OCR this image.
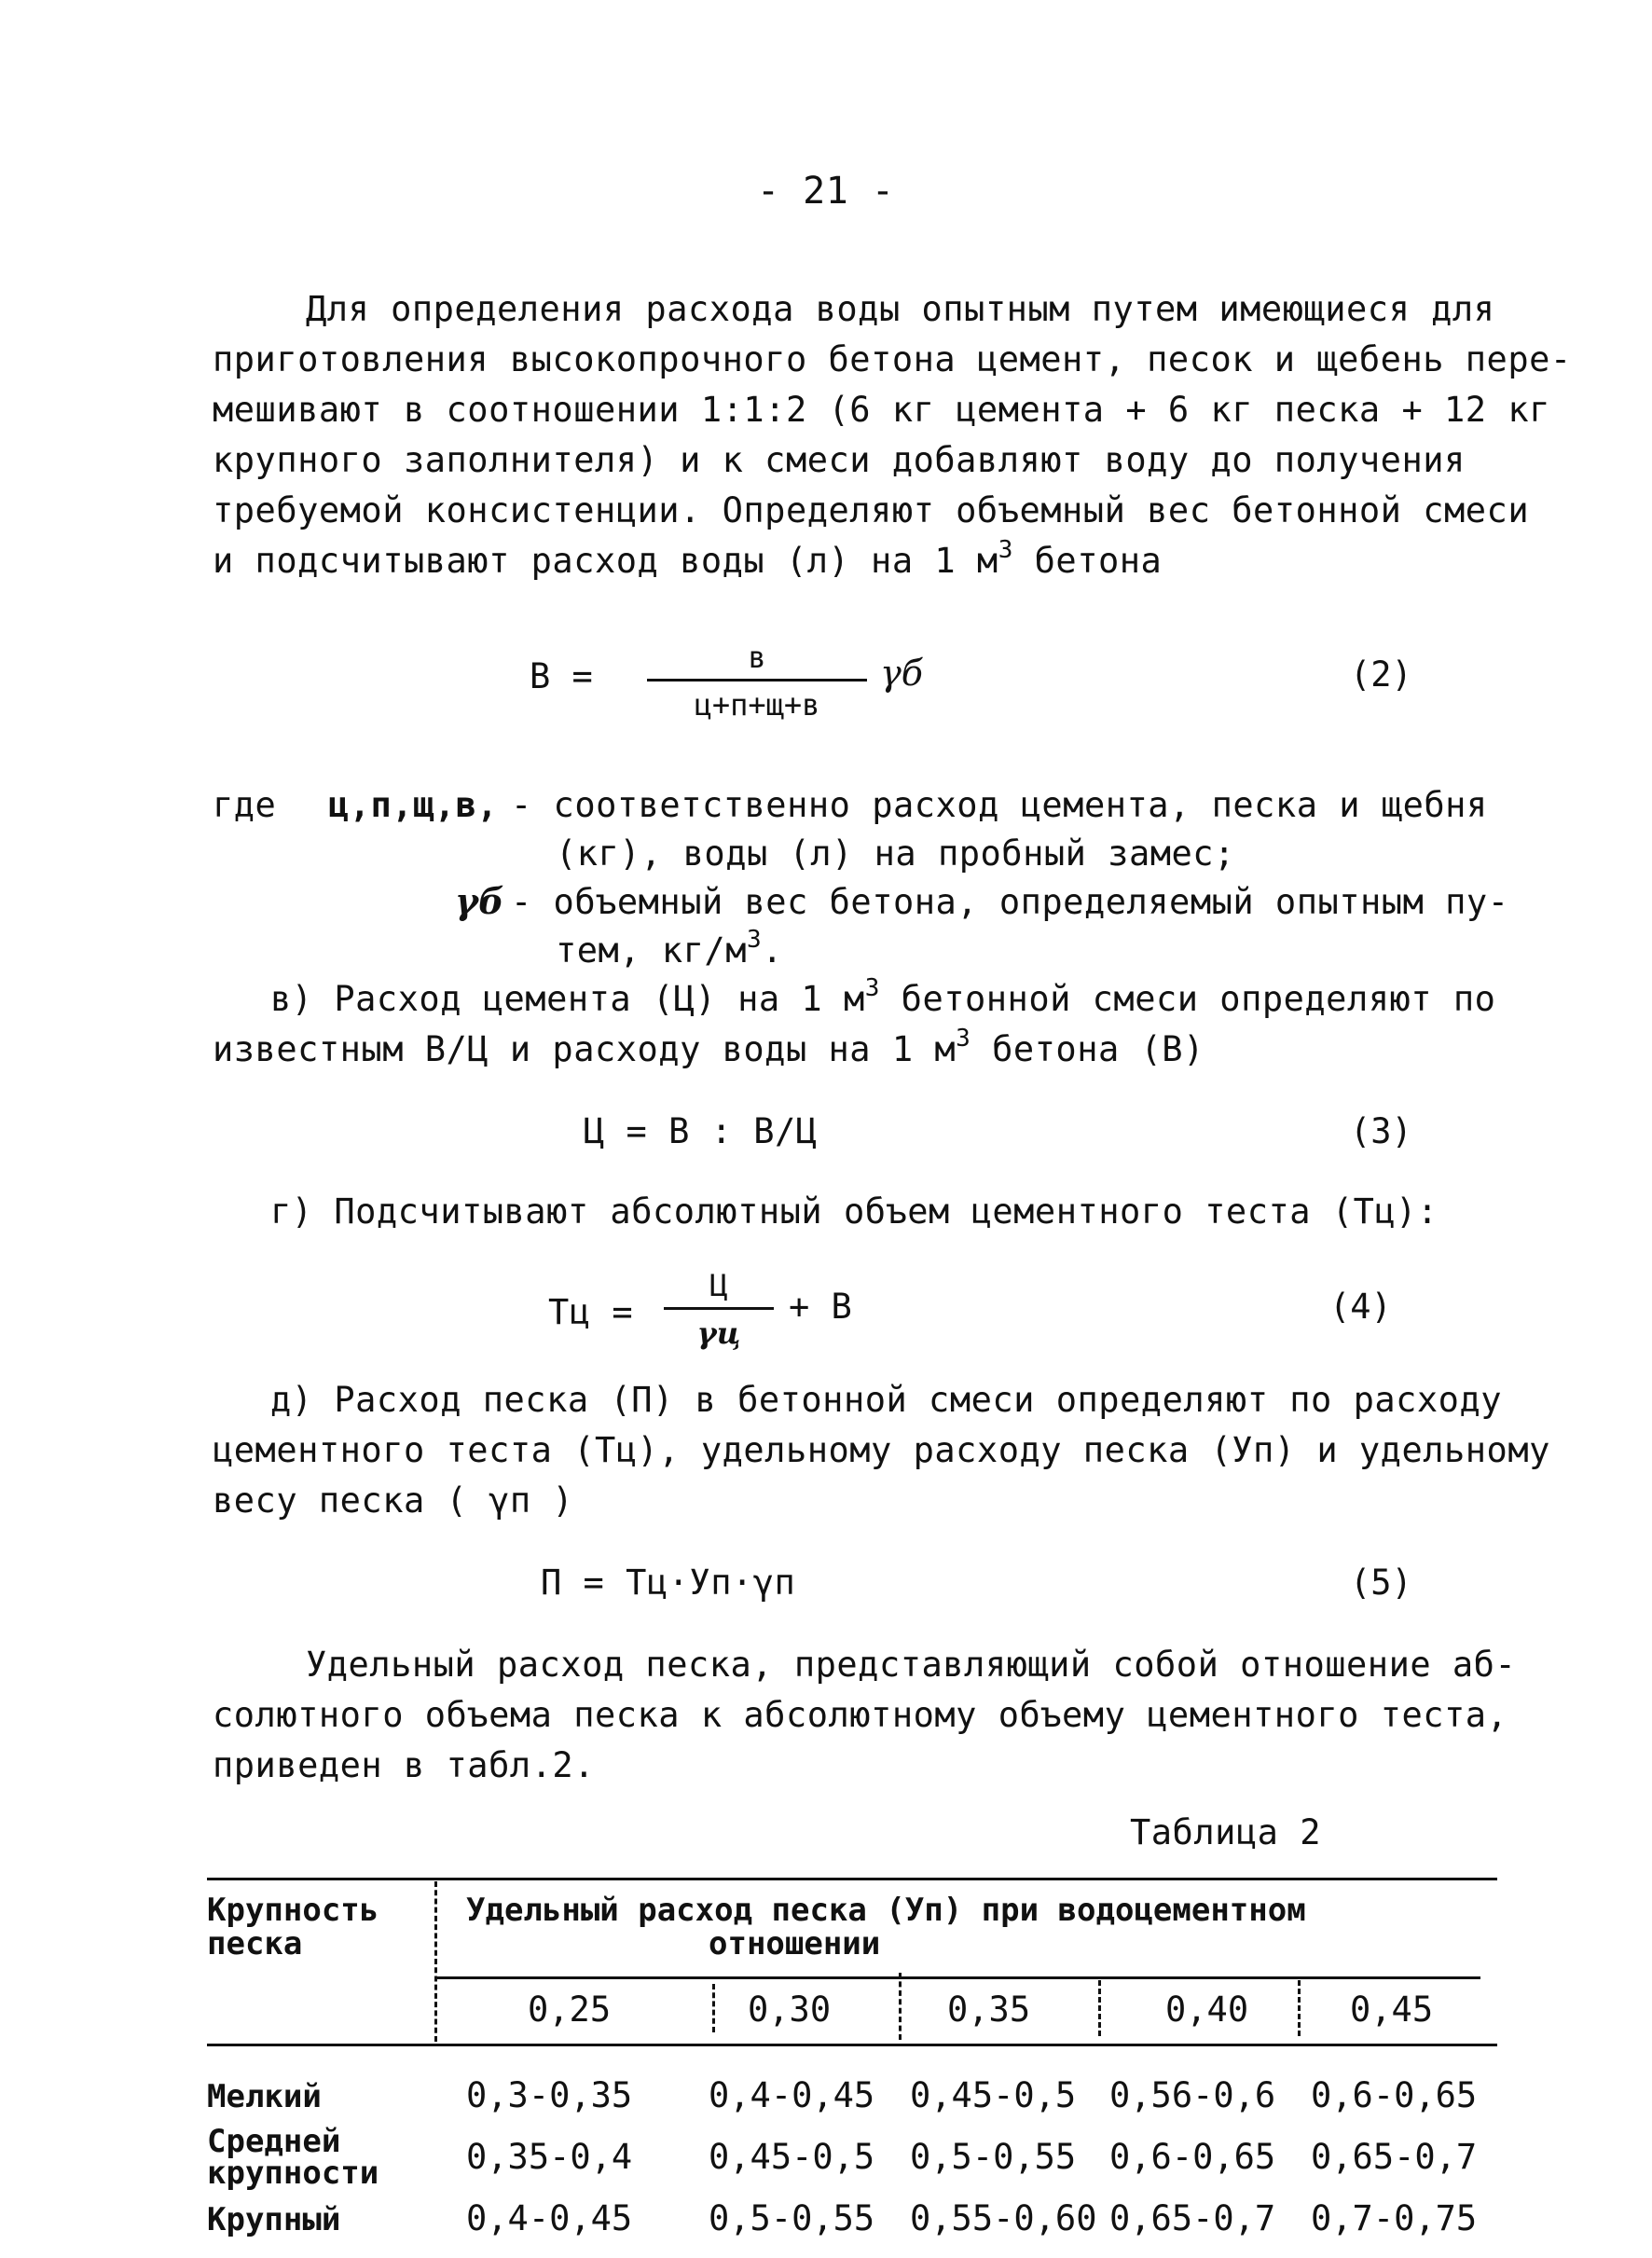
- 21 -
Для определения расхода воды опытным путем имеющиеся для
приготовления высокопрочного бетона цемент, песок и щебень пере-
мешивают в соотношении 1:1:2 (6 кг цемента + 6 кг песка + 12 кг
крупного заполнителя) и к смеси добавляют воду до получения
требуемой консистенции. Определяют объемный вес бетонной смеси
и подсчитывают расход воды (л) на 1 $м^3$ бетона
В =	в
ц+п+щ+в
γб	(2)
где ц,п,щ,в, - соответственно расход цемента, песка и щебня
(кг), воды (л) на пробный замес;
γб - объемный вес бетона, определяемый опытным пу-
тем, $кг/м^3$.
в) Расход цемента (Ц) на 1 $м^3$ бетонной смеси определяют по
известным В/Ц и расходу воды на 1 $м^3$ бетона (В)
Ц = В : В/Ц	(3)
г) Подсчитывают абсолютный объем цементного теста (Тц):
Тц =
Ц
γц
+ В	(4)
д) Расход песка (П) в бетонной смеси определяют по расходу
цементного теста (Тц), удельному расходу песка (Уп) и удельному
весу песка ( γп )
П = Тц·Уп·γп	(5)
Удельный расход песка, представляющий собой отношение аб-
солютного объема песка к абсолютному объему цементного теста,
приведен в табл.2.
Таблица 2
Крупность
песка
Удельный расход песка (Уп) при водоцементном
отношении
0,25	0,30	0,35	0,40	0,45
Мелкий	0,3-0,35 0,4-0,45 0,45-0,5 0,56-0,6 0,6-0,65
Средней
крупности	0,35-0,4 0,45-0,5 0,5-0,55 0,6-0,65 0,65-0,7
Крупный	0,4-0,45 0,5-0,55 0,55-0,60 0,65-0,7 0,7-0,75
